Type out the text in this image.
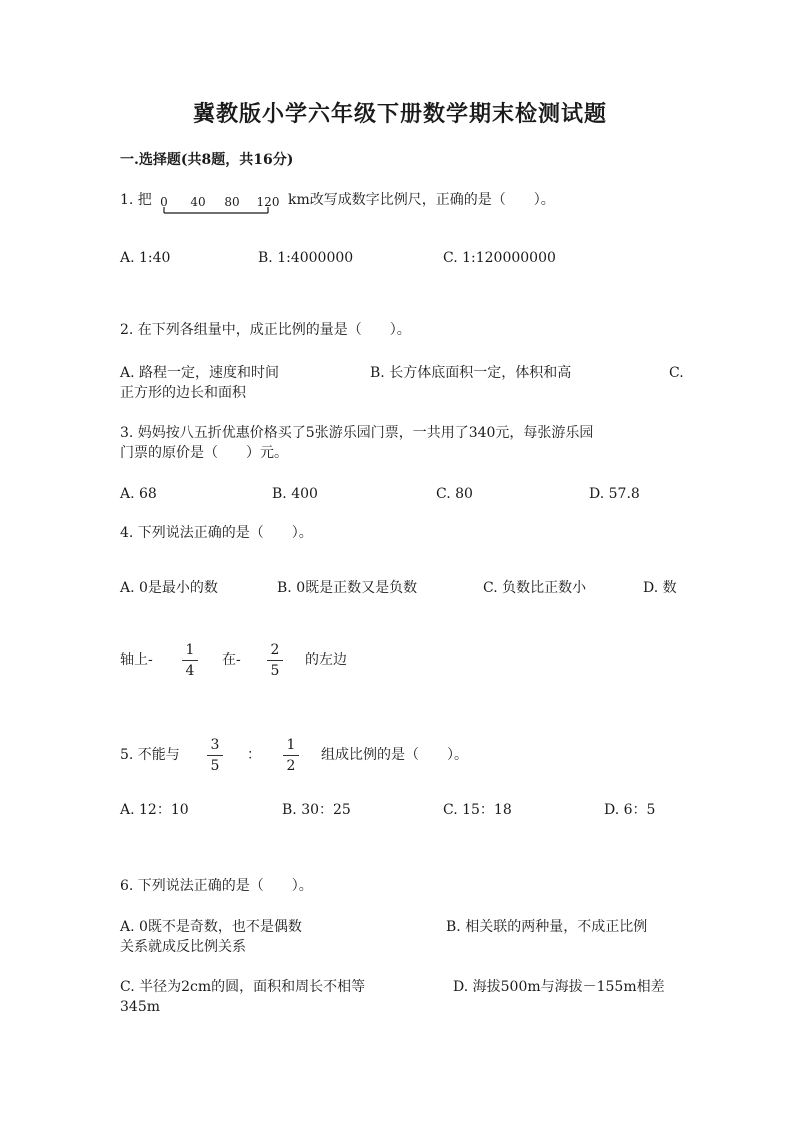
冀教版小学六年级下册数学期末检测试题
一.选择题(共8题，共16分)
1. 把 0 40 80 120 km改写成数字比例尺，正确的是（　　）。
A. 1:40	B. 1:4000000	C. 1:120000000
2. 在下列各组量中，成正比例的量是（　　）。
A. 路程一定，速度和时间	B. 长方体底面积一定，体积和高	C.
正方形的边长和面积
3. 妈妈按八五折优惠价格买了5张游乐园门票，一共用了340元，每张游乐园
门票的原价是（　　）元。
A. 68	B. 400	C. 80	D. 57.8
4. 下列说法正确的是（　　）。
A. 0是最小的数	B. 0既是正数又是负数	C. 负数比正数小	D. 数
轴上-
1
4
在-
2
5
的左边
5. 不能与
3
5
：
1
2
组成比例的是（　　）。
A. 12：10	B. 30：25	C. 15：18	D. 6：5
6. 下列说法正确的是（　　）。
A. 0既不是奇数，也不是偶数	B. 相关联的两种量，不成正比例
关系就成反比例关系
C. 半径为2cm的圆，面积和周长不相等	D. 海拔500m与海拔－155m相差
345m
